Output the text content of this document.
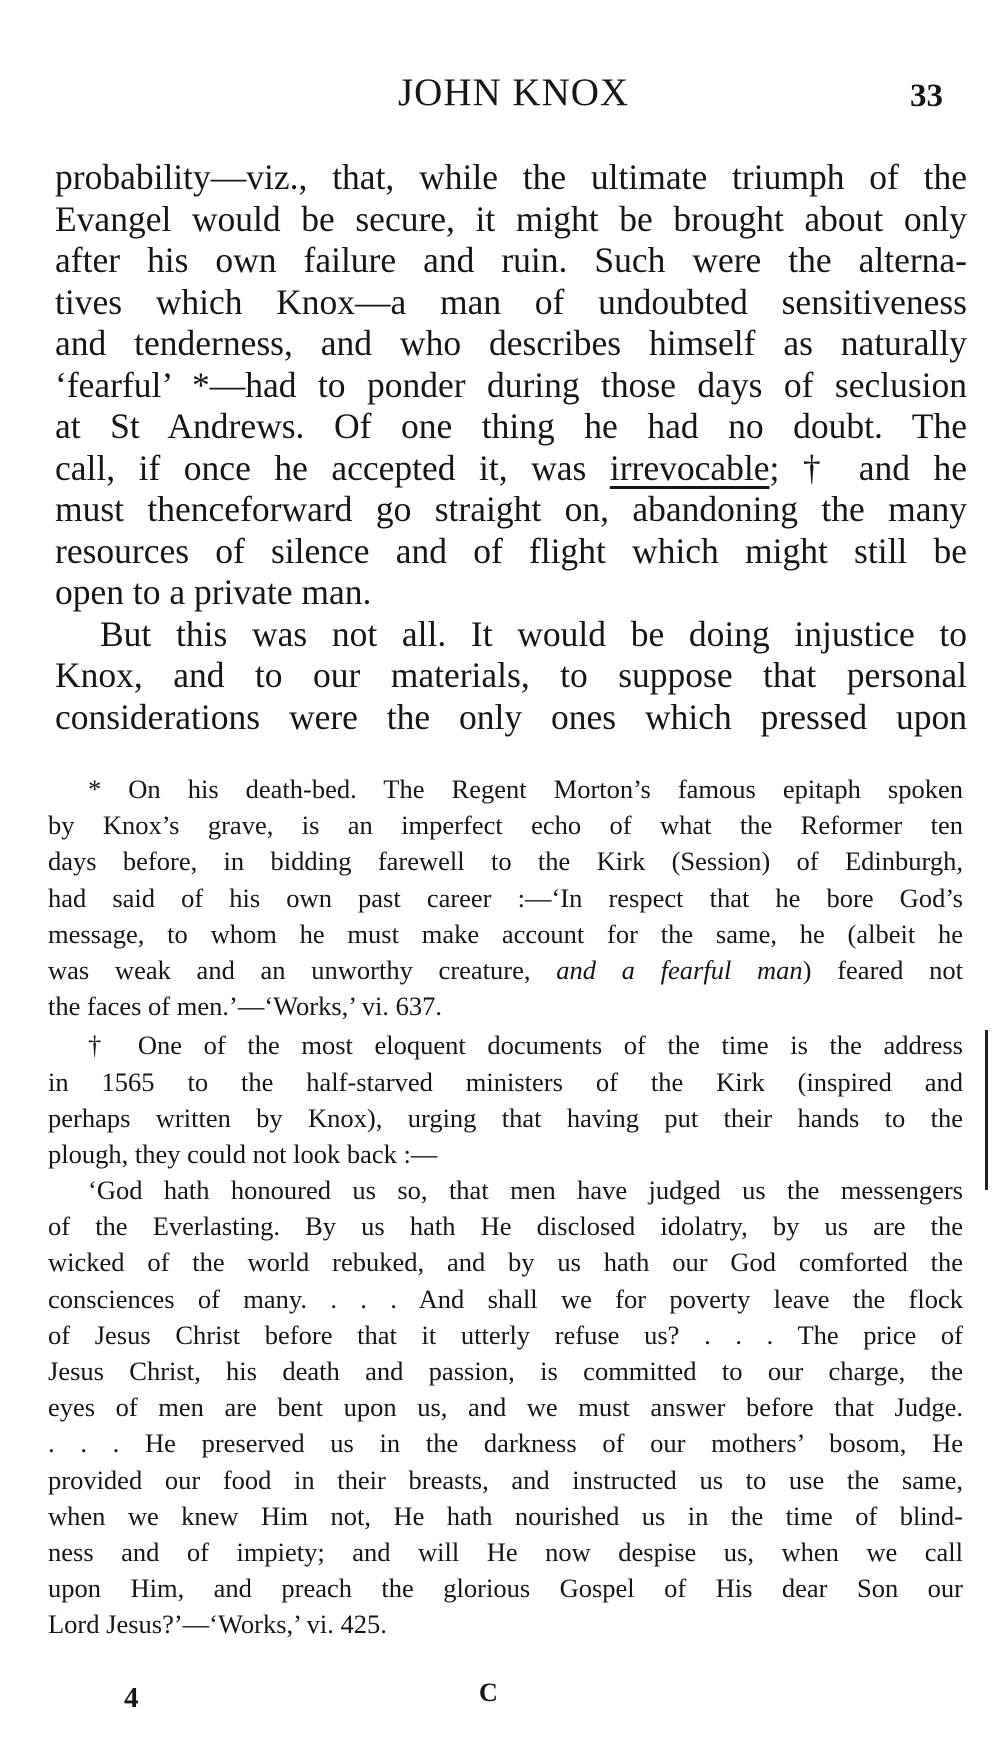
JOHN KNOX	33
probability—viz., that, while the ultimate triumph of the
Evangel would be secure, it might be brought about only
after his own failure and ruin. Such were the alterna-
tives which Knox—a man of undoubted sensitiveness
and tenderness, and who describes himself as naturally
‘fearful’ *—had to ponder during those days of seclusion
at St Andrews. Of one thing he had no doubt. The
call, if once he accepted it, was irrevocable; † and he
must thenceforward go straight on, abandoning the many
resources of silence and of flight which might still be
open to a private man.
But this was not all. It would be doing injustice to
Knox, and to our materials, to suppose that personal
considerations were the only ones which pressed upon
* On his death-bed. The Regent Morton’s famous epitaph spoken
by Knox’s grave, is an imperfect echo of what the Reformer ten
days before, in bidding farewell to the Kirk (Session) of Edinburgh,
had said of his own past career :—‘In respect that he bore God’s
message, to whom he must make account for the same, he (albeit he
was weak and an unworthy creature, and a fearful man) feared not
the faces of men.’—‘Works,’ vi. 637.
† One of the most eloquent documents of the time is the address
in 1565 to the half-starved ministers of the Kirk (inspired and
perhaps written by Knox), urging that having put their hands to the
plough, they could not look back :—
‘God hath honoured us so, that men have judged us the messengers
of the Everlasting. By us hath He disclosed idolatry, by us are the
wicked of the world rebuked, and by us hath our God comforted the
consciences of many. . . . And shall we for poverty leave the flock
of Jesus Christ before that it utterly refuse us? . . . The price of
Jesus Christ, his death and passion, is committed to our charge, the
eyes of men are bent upon us, and we must answer before that Judge.
. . . He preserved us in the darkness of our mothers’ bosom, He
provided our food in their breasts, and instructed us to use the same,
when we knew Him not, He hath nourished us in the time of blind-
ness and of impiety; and will He now despise us, when we call
upon Him, and preach the glorious Gospel of His dear Son our
Lord Jesus?’—‘Works,’ vi. 425.
4	C
